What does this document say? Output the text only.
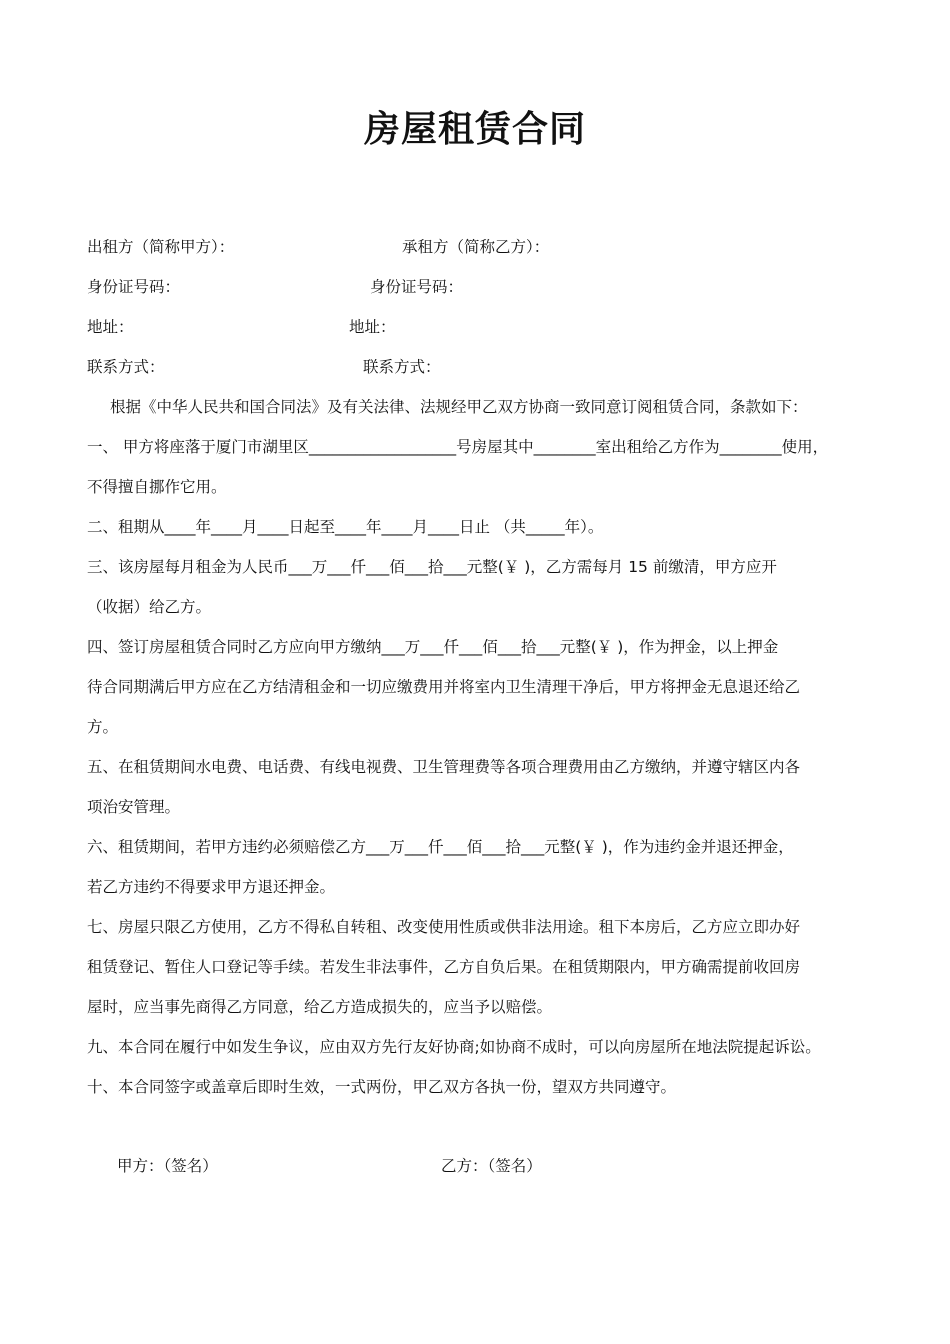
房屋租赁合同
出租方（简称甲方）：	承租方（简称乙方）：
身份证号码：	身份证号码：
地址：	地址：
联系方式：	联系方式：
根据《中华人民共和国合同法》及有关法律、法规经甲乙双方协商一致同意订阅租赁合同，条款如下：
一、 甲方将座落于厦门市湖里区___________________号房屋其中________室出租给乙方作为________使用，
不得擅自挪作它用。
二、租期从____年____月____日起至____年____月____日止 （共_____年）。
三、该房屋每月租金为人民币___万___仟___佰___拾___元整(￥ )，乙方需每月 15 前缴清，甲方应开
（收据）给乙方。
四、签订房屋租赁合同时乙方应向甲方缴纳___万___仟___佰___拾___元整(￥ )，作为押金，以上押金
待合同期满后甲方应在乙方结清租金和一切应缴费用并将室内卫生清理干净后，甲方将押金无息退还给乙
方。
五、在租赁期间水电费、电话费、有线电视费、卫生管理费等各项合理费用由乙方缴纳，并遵守辖区内各
项治安管理。
六、租赁期间，若甲方违约必须赔偿乙方___万___仟___佰___拾___元整(￥ )，作为违约金并退还押金，
若乙方违约不得要求甲方退还押金。
七、房屋只限乙方使用，乙方不得私自转租、改变使用性质或供非法用途。租下本房后，乙方应立即办好
租赁登记、暂住人口登记等手续。若发生非法事件，乙方自负后果。在租赁期限内，甲方确需提前收回房
屋时，应当事先商得乙方同意，给乙方造成损失的，应当予以赔偿。
九、本合同在履行中如发生争议，应由双方先行友好协商;如协商不成时，可以向房屋所在地法院提起诉讼。
十、本合同签字或盖章后即时生效，一式两份，甲乙双方各执一份，望双方共同遵守。
甲方：（签名）	乙方：（签名）
